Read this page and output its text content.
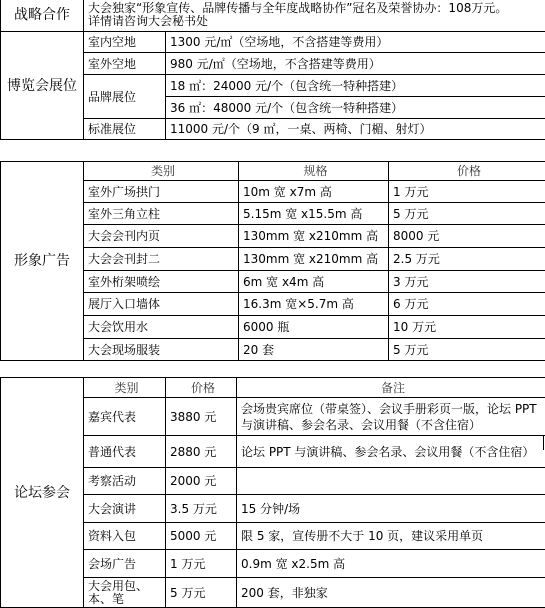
战略合作	大会独家“形象宣传、品牌传播与全年度战略协作”冠名及荣誉协办：108万元。
详情请咨询大会秘书处	

博览会展位	室内空地	1300 元/㎡（空场地，不含搭建等费用）
	室外空地	980 元/㎡（空场地，不含搭建等费用）
	品牌展位	18 ㎡：24000 元/个（包含统一特种搭建）
		36 ㎡：48000 元/个（包含统一特种搭建）
	标准展位	11000 元/个（9 ㎡，一桌、两椅、门楣、射灯）
形象广告	类别	规格	价格
	室外广场拱门	10m 宽 x7m 高	1 万元
	室外三角立柱	5.15m 宽 x15.5m 高	5 万元
	大会会刊内页	130mm 宽 x210mm 高	8000 元
	大会会刊封二	130mm 宽 x210mm 高	2.5 万元
	室外桁架喷绘	6m 宽 x4m 高	3 万元
	展厅入口墙体	16.3m 宽×5.7m 高	6 万元
	大会饮用水	6000 瓶	10 万元
	大会现场服装	20 套	5 万元
论坛参会	类别	价格	备注
	嘉宾代表	3880 元	会场贵宾席位（带桌签）、会议手册彩页一版，论坛 PPT 与演讲稿、参会名录、会议用餐（不含住宿）
	普通代表	2880 元	论坛 PPT 与演讲稿、参会名录、会议用餐（不含住宿）
	考察活动	2000 元	
	大会演讲	3.5 万元	15 分钟/场
	资料入包	5000 元	限 5 家，宣传册不大于 10 页，建议采用单页
	会场广告	1 万元	0.9m 宽 x2.5m 高
	大会用包、本、笔	5 万元	200 套，非独家
